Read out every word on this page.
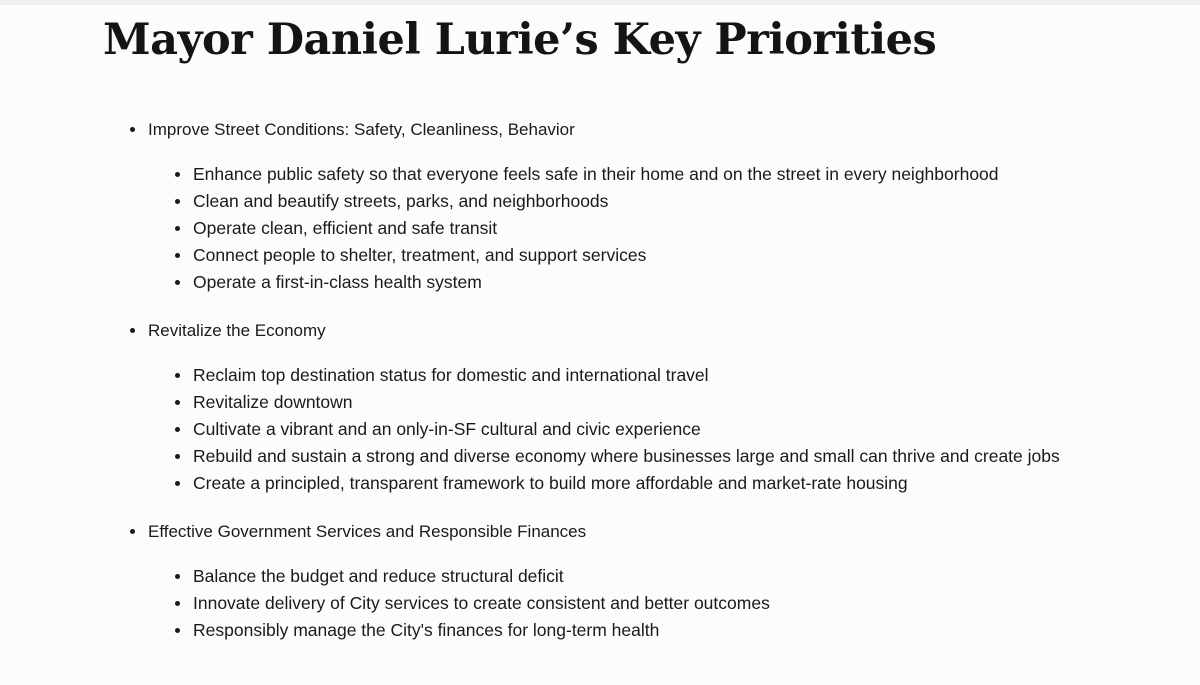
Mayor Daniel Lurie’s Key Priorities
Improve Street Conditions: Safety, Cleanliness, Behavior
Enhance public safety so that everyone feels safe in their home and on the street in every neighborhood
Clean and beautify streets, parks, and neighborhoods
Operate clean, efficient and safe transit
Connect people to shelter, treatment, and support services
Operate a first-in-class health system
Revitalize the Economy
Reclaim top destination status for domestic and international travel
Revitalize downtown
Cultivate a vibrant and an only-in-SF cultural and civic experience
Rebuild and sustain a strong and diverse economy where businesses large and small can thrive and create jobs
Create a principled, transparent framework to build more affordable and market-rate housing
Effective Government Services and Responsible Finances
Balance the budget and reduce structural deficit
Innovate delivery of City services to create consistent and better outcomes
Responsibly manage the City's finances for long-term health
